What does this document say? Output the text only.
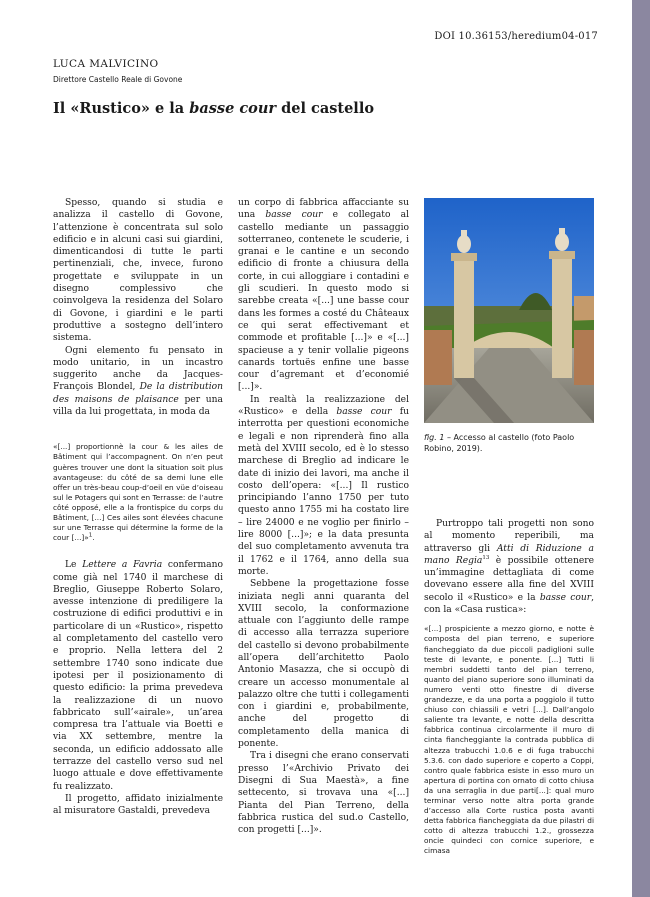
DOI 10.36153/heredium04-017
LUCA MALVICINO
Direttore Castello Reale di Govone
Il «Rustico» e la basse cour del castello

Spesso, quando si studia e analizza il castello di Govone, l’attenzione è concentrata sul solo edificio e in alcuni casi sui giardini, dimenticandosi di tutte le parti pertinenziali, che, invece, furono progettate e sviluppate in un disegno complessivo che coinvolgeva la residenza del Solaro di Govone, i giardini e le parti produttive a sostegno dell’intero sistema.

Ogni elemento fu pensato in modo unitario, in un incastro suggerito anche da Jacques-François Blondel, De la distribution des maisons de plaisance per una villa da lui progettata, in moda da

«[...] proportionnè la cour & les ailes de Bâtiment qui l’accompagnent. On n’en peut guères trouver une dont la situation soit plus avantageuse: du côté de sa demi lune elle offer un très-beau coup-d’oeil en vüe d’oiseau sul le Potagers qui sont en Terrasse: de l’autre côté opposé, elle a la frontispice du corps du Bâtiment, [...] Ces ailes sont élevées chacune sur une Terrasse qui détermine la forme de la cour [...]»$^1$.

Le Lettere a Favria confermano come già nel 1740 il marchese di Breglio, Giuseppe Roberto Solaro, avesse intenzione di prediligere la costruzione di edifici produttivi e in particolare di un «Rustico», rispetto al completamento del castello vero e proprio. Nella lettera del 2 settembre 1740 sono indicate due ipotesi per il posizionamento di questo edificio: la prima prevedeva la realizzazione di un nuovo fabbricato sull’«airale», un’area compresa tra l’attuale via Boetti e via XX settembre, mentre la seconda, un edificio addossato alle terrazze del castello verso sud nel luogo attuale e dove effettivamente fu realizzato.

Il progetto, affidato inizialmente al misuratore Gastaldi, prevedeva

un corpo di fabbrica affacciante su una basse cour e collegato al castello mediante un passaggio sotterraneo, contenete le scuderie, i granai e le cantine e un secondo edificio di fronte a chiusura della corte, in cui alloggiare i contadini e gli scudieri. In questo modo si sarebbe creata «[...] une basse cour dans les formes a costé du Châteaux ce qui serat effectivemant et commode et profitable [...]» e «[...] spacieuse a y tenir vollalie pigeons canards tortuës enfine une basse cour d’agremant et d’economié [...]».

In realtà la realizzazione del «Rustico» e della basse cour fu interrotta per questioni economiche e legali e non riprenderà fino alla metà del XVIII secolo, ed è lo stesso marchese di Breglio ad indicare le date di inizio dei lavori, ma anche il costo dell’opera: «[...] Il rustico principiando l’anno 1750 per tuto questo anno 1755 mi ha costato lire – lire 24000 e ne voglio per finirlo – lire 8000 [...]»; e la data presunta del suo completamento avvenuta tra il 1762 e il 1764, anno della sua morte.

Sebbene la progettazione fosse iniziata negli anni quaranta del XVIII secolo, la conformazione attuale con l’aggiunto delle rampe di accesso alla terrazza superiore del castello si devono probabilmente all’opera dell’architetto Paolo Antonio Masazza, che si occupò di creare un accesso monumentale al palazzo oltre che tutti i collegamenti con i giardini e, probabilmente, anche del progetto di completamento della manica di ponente.

Tra i disegni che erano conservati presso l’«Archivio Privato dei Disegni di Sua Maestà», a fine settecento, si trovava una «[...] Pianta del Pian Terreno, della fabbrica rustica del sud.o Castello, con progetti [...]».

fig. 1 – Accesso al castello (foto Paolo Robino, 2019).

Purtroppo tali progetti non sono al momento reperibili, ma attraverso gli Atti di Riduzione a mano Regia$^{13}$ è possibile ottenere un’immagine dettagliata di come dovevano essere alla fine del XVIII secolo il «Rustico» e la basse cour, con la «Casa rustica»:

«[...] prospiciente a mezzo giorno, e notte è composta del pian terreno, e superiore fiancheggiato da due piccoli padiglioni sulle teste di levante, e ponente. [...] Tutti li membri suddetti tanto del pian terreno, quanto del piano superiore sono illuminati da numero venti otto finestre di diverse grandezze, e da una porta a poggiolo il tutto chiuso con chiassili e vetri [...]. Dall’angolo saliente tra levante, e notte della descritta fabbrica continua circolarmente il muro di cinta fiancheggiante la contrada pubblica di altezza trabucchi 1.0.6 e di fuga trabucchi 5.3.6. con dado superiore e coperto a Coppi, contro quale fabbrica esiste in esso muro un apertura di portina con ornato di cotto chiusa da una serraglia in due parti[...]: qual muro terminar verso notte altra porta grande d’accesso alla Corte rustica posta avanti detta fabbrica fiancheggiata da due pilastri di cotto di altezza trabucchi 1.2., grossezza oncie quindeci con cornice superiore, e cimasa
